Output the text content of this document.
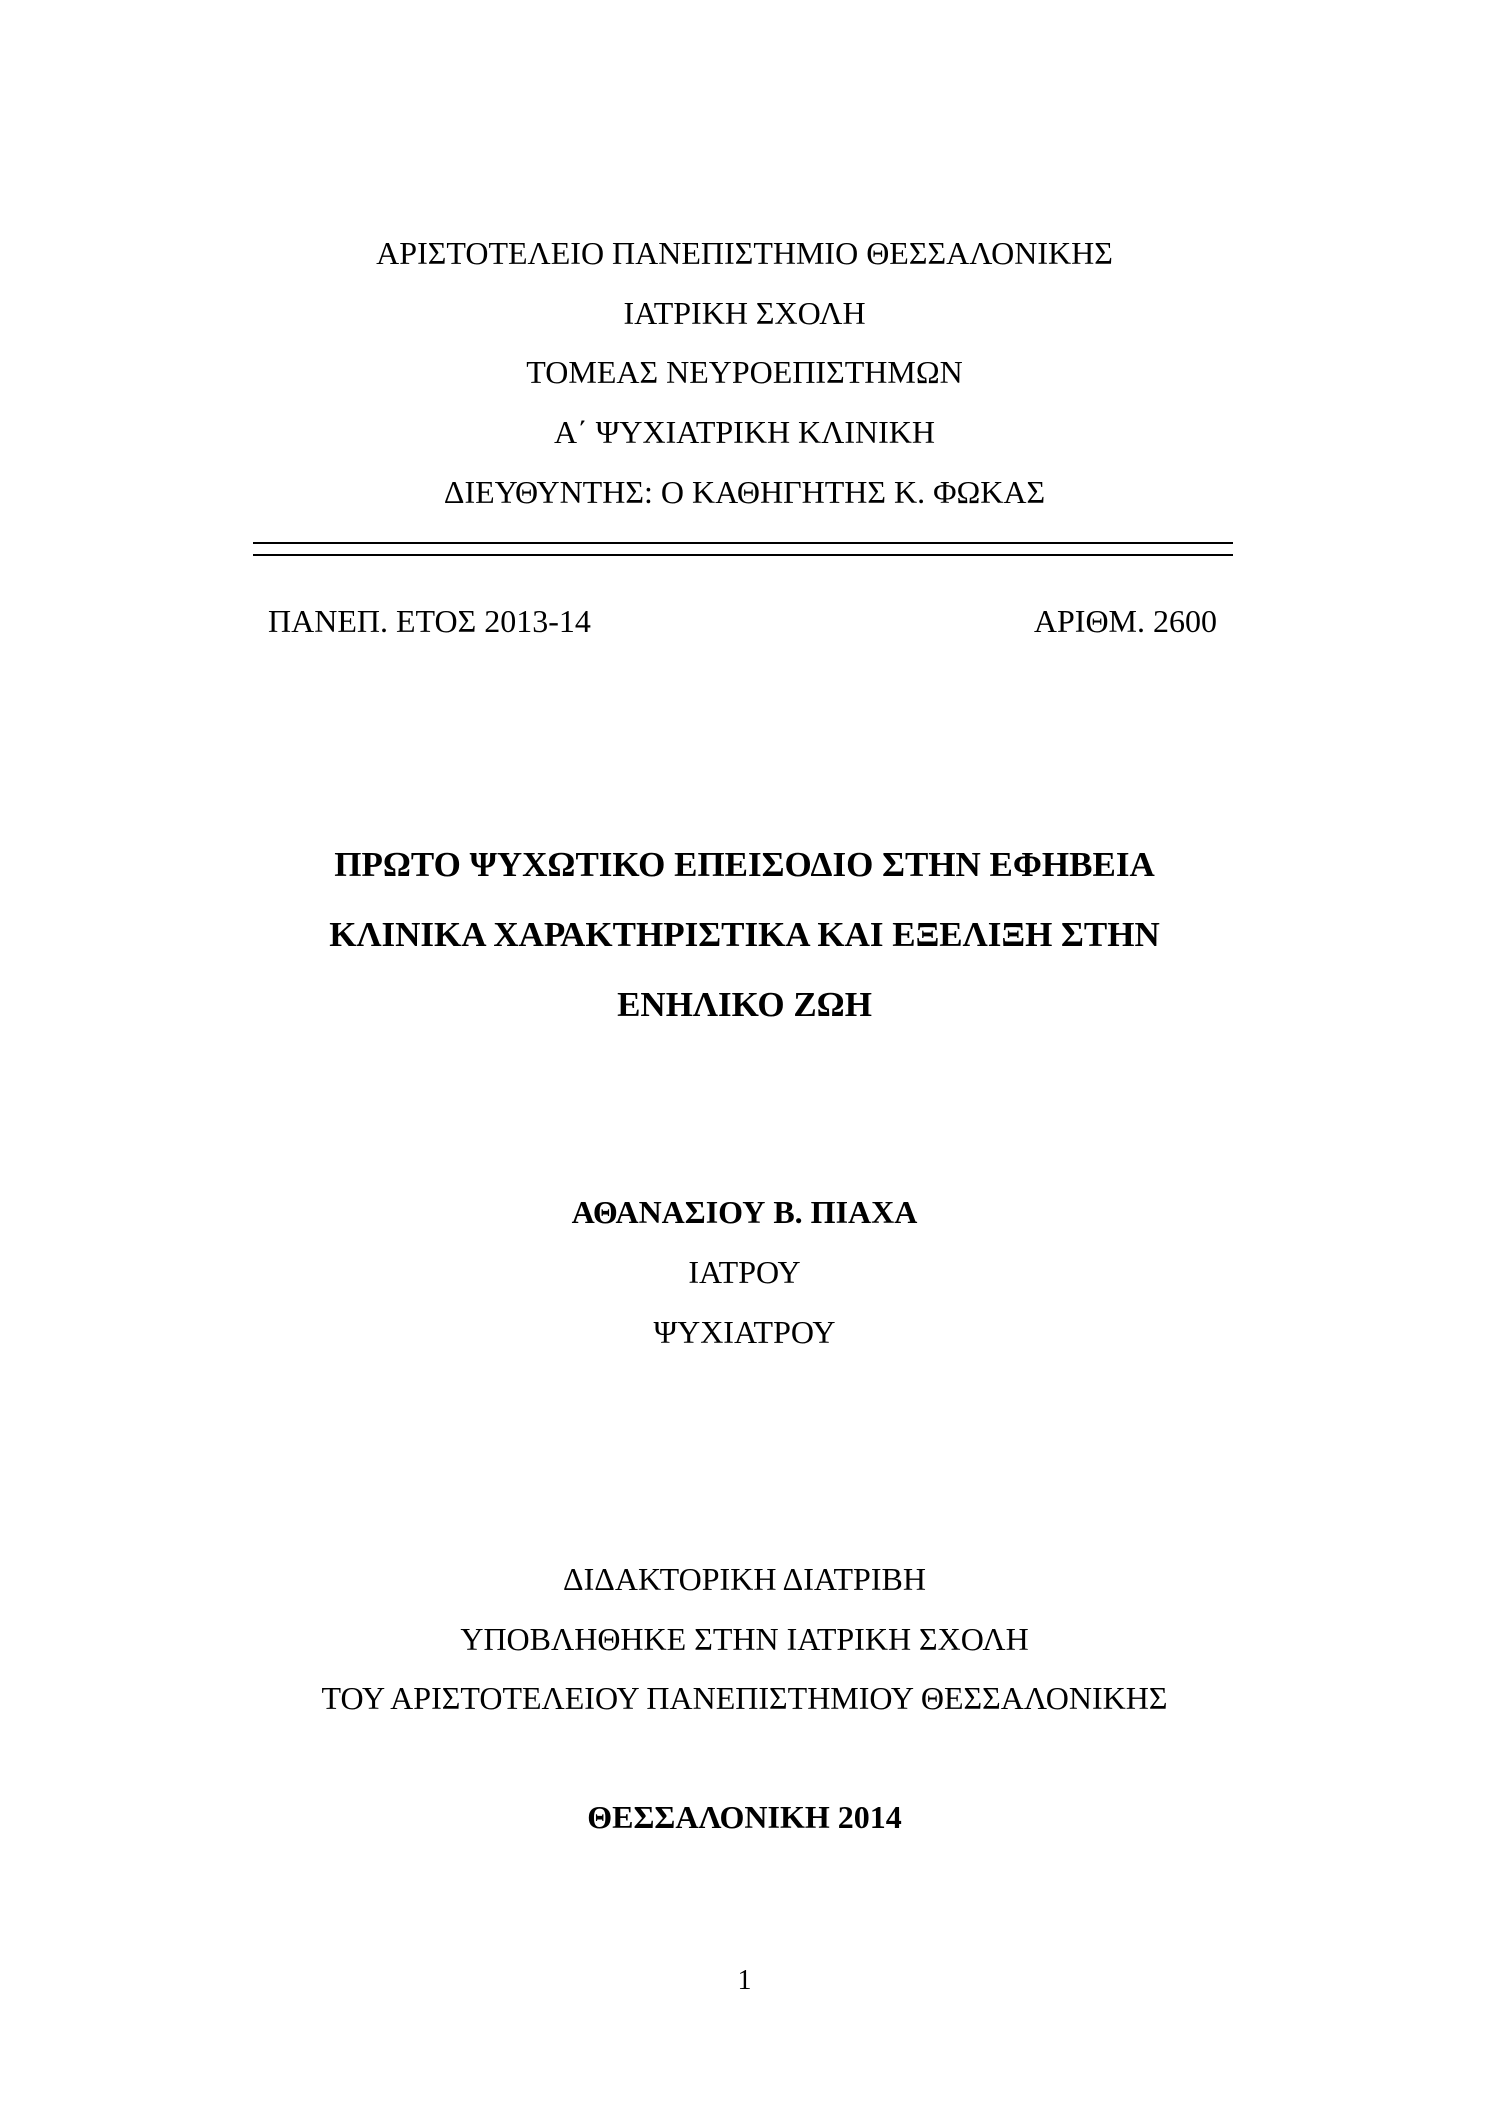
ΑΡΙΣΤΟΤΕΛΕΙΟ ΠΑΝΕΠΙΣΤΗΜΙΟ ΘΕΣΣΑΛΟΝΙΚΗΣ
ΙΑΤΡΙΚΗ ΣΧΟΛΗ
ΤΟΜΕΑΣ ΝΕΥΡΟΕΠΙΣΤΗΜΩΝ
Α΄ ΨΥΧΙΑΤΡΙΚΗ ΚΛΙΝΙΚΗ
ΔΙΕΥΘΥΝΤΗΣ: Ο ΚΑΘΗΓΗΤΗΣ Κ. ΦΩΚΑΣ
ΠΑΝΕΠ. ΕΤΟΣ 2013-14	ΑΡΙΘΜ. 2600
ΠΡΩΤΟ ΨΥΧΩΤΙΚΟ ΕΠΕΙΣΟΔΙΟ ΣΤΗΝ ΕΦΗΒΕΙΑ
ΚΛΙΝΙΚΑ ΧΑΡΑΚΤΗΡΙΣΤΙΚΑ ΚΑΙ ΕΞΕΛΙΞΗ ΣΤΗΝ
ΕΝΗΛΙΚΟ ΖΩΗ
ΑΘΑΝΑΣΙΟΥ Β. ΠΙΑΧΑ
ΙΑΤΡΟΥ
ΨΥΧΙΑΤΡΟΥ
ΔΙΔΑΚΤΟΡΙΚΗ ΔΙΑΤΡΙΒΗ
ΥΠΟΒΛΗΘΗΚΕ ΣΤΗΝ ΙΑΤΡΙΚΗ ΣΧΟΛΗ
ΤΟΥ ΑΡΙΣΤΟΤΕΛΕΙΟΥ ΠΑΝΕΠΙΣΤΗΜΙΟΥ ΘΕΣΣΑΛΟΝΙΚΗΣ
ΘΕΣΣΑΛΟΝΙΚΗ 2014
1
